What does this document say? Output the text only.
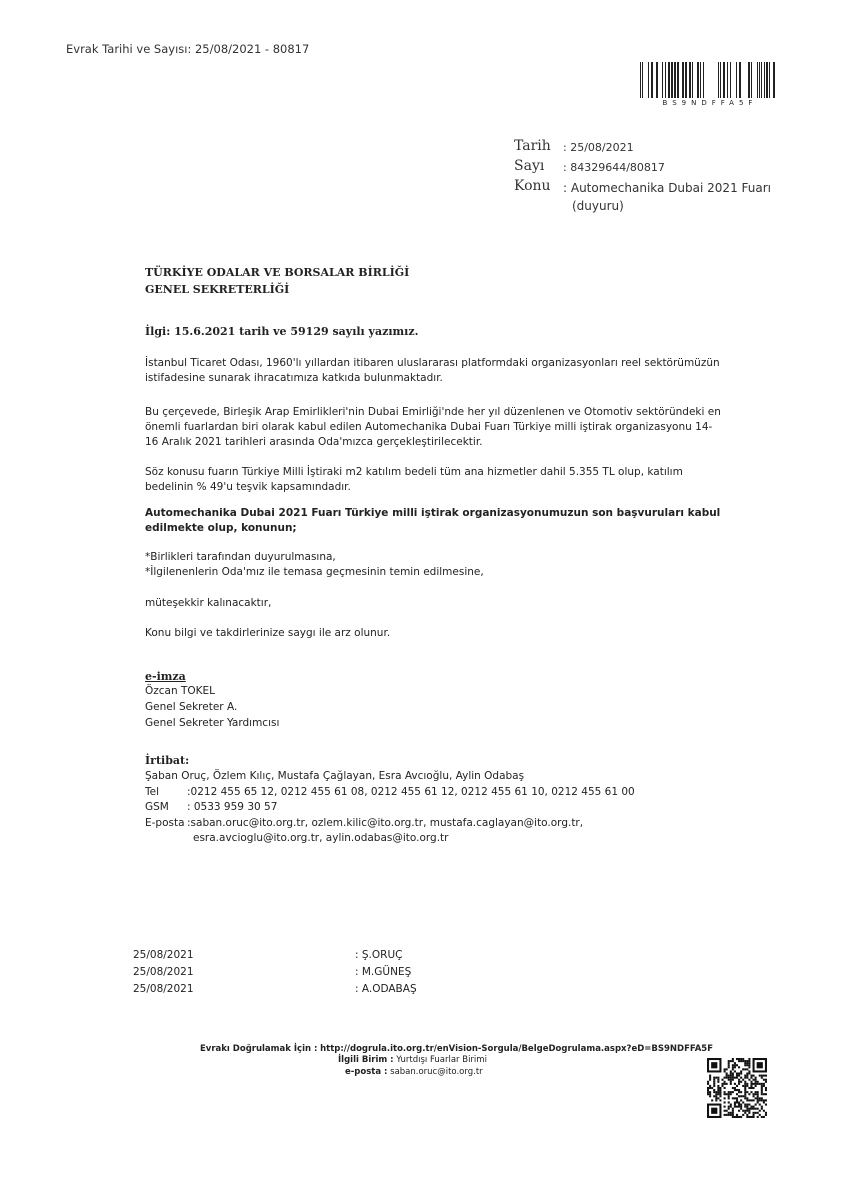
Evrak Tarihi ve Sayısı: 25/08/2021 - 80817
BS9NDFFA5F
Tarih : 25/08/2021
Sayı : 84329644/80817
Konu : Automechanika Dubai 2021 Fuarı
(duyuru)
TÜRKİYE ODALAR VE BORSALAR BİRLİĞİ
GENEL SEKRETERLİĞİ
İlgi: 15.6.2021 tarih ve 59129 sayılı yazımız.
İstanbul Ticaret Odası, 1960'lı yıllardan itibaren uluslararası platformdaki organizasyonları reel sektörümüzün
istifadesine sunarak ihracatımıza katkıda bulunmaktadır.
Bu çerçevede, Birleşik Arap Emirlikleri'nin Dubai Emirliği'nde her yıl düzenlenen ve Otomotiv sektöründeki en
önemli fuarlardan biri olarak kabul edilen Automechanika Dubai Fuarı Türkiye milli iştirak organizasyonu 14-
16 Aralık 2021 tarihleri arasında Oda'mızca gerçekleştirilecektir.
Söz konusu fuarın Türkiye Milli İştiraki m2 katılım bedeli tüm ana hizmetler dahil 5.355 TL olup, katılım
bedelinin % 49'u teşvik kapsamındadır.
Automechanika Dubai 2021 Fuarı Türkiye milli iştirak organizasyonumuzun son başvuruları kabul
edilmekte olup, konunun;
*Birlikleri tarafından duyurulmasına,
*İlgilenenlerin Oda'mız ile temasa geçmesinin temin edilmesine,
müteşekkir kalınacaktır,
Konu bilgi ve takdirlerinize saygı ile arz olunur.
e-imza
Özcan TOKEL
Genel Sekreter A.
Genel Sekreter Yardımcısı
İrtibat:
Şaban Oruç, Özlem Kılıç, Mustafa Çağlayan, Esra Avcıoğlu, Aylin Odabaş
Tel	:0212 455 65 12, 0212 455 61 08, 0212 455 61 12, 0212 455 61 10, 0212 455 61 00
GSM : 0533 959 30 57
E-posta :saban.oruc@ito.org.tr, ozlem.kilic@ito.org.tr, mustafa.caglayan@ito.org.tr,
esra.avcioglu@ito.org.tr, aylin.odabas@ito.org.tr
25/08/2021	: Ş.ORUÇ
25/08/2021	: M.GÜNEŞ
25/08/2021	: A.ODABAŞ
Evrakı Doğrulamak İçin : http://dogrula.ito.org.tr/enVision-Sorgula/BelgeDogrulama.aspx?eD=BS9NDFFA5F
İlgili Birim : Yurtdışı Fuarlar Birimi
e-posta : saban.oruc@ito.org.tr
